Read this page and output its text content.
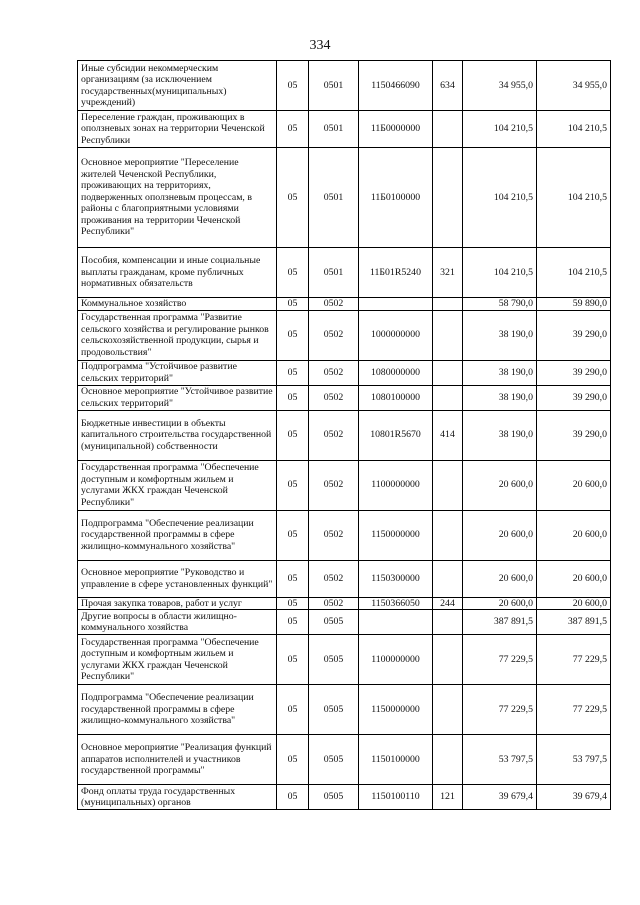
334
Иные субсидии некоммерческим организациям (за исключением государственных(муниципальных) учреждений)	05	0501	1150466090	634	34 955,0	34 955,0
Переселение граждан, проживающих в оползневых зонах на территории Чеченской Республики	05	0501	11Б0000000		104 210,5	104 210,5
Основное мероприятие "Переселение жителей Чеченской Республики, проживающих на территориях, подверженных оползневым процессам, в районы с благоприятными условиями проживания на территории Чеченской Республики"	05	0501	11Б0100000		104 210,5	104 210,5
Пособия, компенсации и иные социальные выплаты гражданам, кроме публичных нормативных обязательств	05	0501	11Б01R5240	321	104 210,5	104 210,5
Коммунальное хозяйство	05	0502			58 790,0	59 890,0
Государственная программа "Развитие сельского хозяйства и регулирование рынков сельскохозяйственной продукции, сырья и продовольствия"	05	0502	1000000000		38 190,0	39 290,0
Подпрограмма "Устойчивое развитие сельских территорий"	05	0502	1080000000		38 190,0	39 290,0
Основное мероприятие "Устойчивое развитие сельских территорий"	05	0502	1080100000		38 190,0	39 290,0
Бюджетные инвестиции в объекты капитального строительства государственной (муниципальной) собственности	05	0502	10801R5670	414	38 190,0	39 290,0
Государственная программа "Обеспечение доступным и комфортным жильем и услугами ЖКХ граждан Чеченской Республики"	05	0502	1100000000		20 600,0	20 600,0
Подпрограмма "Обеспечение реализации государственной программы в сфере жилищно-коммунального хозяйства"	05	0502	1150000000		20 600,0	20 600,0
Основное мероприятие "Руководство и управление в сфере установленных функций"	05	0502	1150300000		20 600,0	20 600,0
Прочая закупка товаров, работ и услуг	05	0502	1150366050	244	20 600,0	20 600,0
Другие вопросы в области жилищно-коммунального хозяйства	05	0505			387 891,5	387 891,5
Государственная программа "Обеспечение доступным и комфортным жильем и услугами ЖКХ граждан Чеченской Республики"	05	0505	1100000000		77 229,5	77 229,5
Подпрограмма "Обеспечение реализации государственной программы в сфере жилищно-коммунального хозяйства"	05	0505	1150000000		77 229,5	77 229,5
Основное мероприятие "Реализация функций аппаратов исполнителей и участников государственной программы"	05	0505	1150100000		53 797,5	53 797,5
Фонд оплаты труда государственных (муниципальных) органов	05	0505	1150100110	121	39 679,4	39 679,4
